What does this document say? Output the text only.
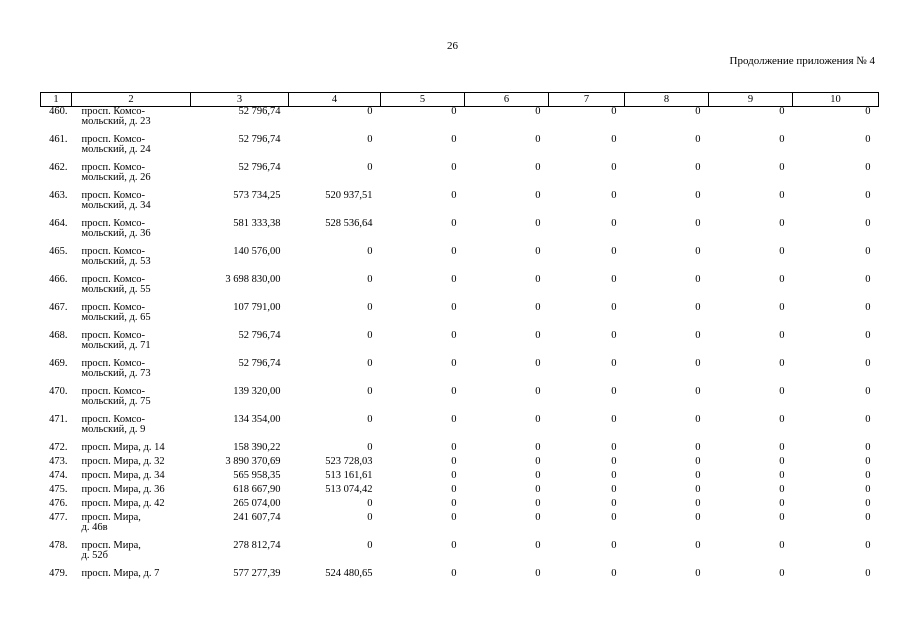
26
Продолжение приложения № 4
1	2	3	4	5	6	7	8	9	10
460.	просп. Комсо-
мольский, д. 23	52 796,74	0	0	0	0	0	0	0
461.	просп. Комсо-
мольский, д. 24	52 796,74	0	0	0	0	0	0	0
462.	просп. Комсо-
мольский, д. 26	52 796,74	0	0	0	0	0	0	0
463.	просп. Комсо-
мольский, д. 34	573 734,25	520 937,51	0	0	0	0	0	0
464.	просп. Комсо-
мольский, д. 36	581 333,38	528 536,64	0	0	0	0	0	0
465.	просп. Комсо-
мольский, д. 53	140 576,00	0	0	0	0	0	0	0
466.	просп. Комсо-
мольский, д. 55	3 698 830,00	0	0	0	0	0	0	0
467.	просп. Комсо-
мольский, д. 65	107 791,00	0	0	0	0	0	0	0
468.	просп. Комсо-
мольский, д. 71	52 796,74	0	0	0	0	0	0	0
469.	просп. Комсо-
мольский, д. 73	52 796,74	0	0	0	0	0	0	0
470.	просп. Комсо-
мольский, д. 75	139 320,00	0	0	0	0	0	0	0
471.	просп. Комсо-
мольский, д. 9	134 354,00	0	0	0	0	0	0	0
472.	просп. Мира, д. 14	158 390,22	0	0	0	0	0	0	0
473.	просп. Мира, д. 32	3 890 370,69	523 728,03	0	0	0	0	0	0
474.	просп. Мира, д. 34	565 958,35	513 161,61	0	0	0	0	0	0
475.	просп. Мира, д. 36	618 667,90	513 074,42	0	0	0	0	0	0
476.	просп. Мира, д. 42	265 074,00	0	0	0	0	0	0	0
477.	просп. Мира,
д. 46в	241 607,74	0	0	0	0	0	0	0
478.	просп. Мира,
д. 52б	278 812,74	0	0	0	0	0	0	0
479.	просп. Мира, д. 7	577 277,39	524 480,65	0	0	0	0	0	0
